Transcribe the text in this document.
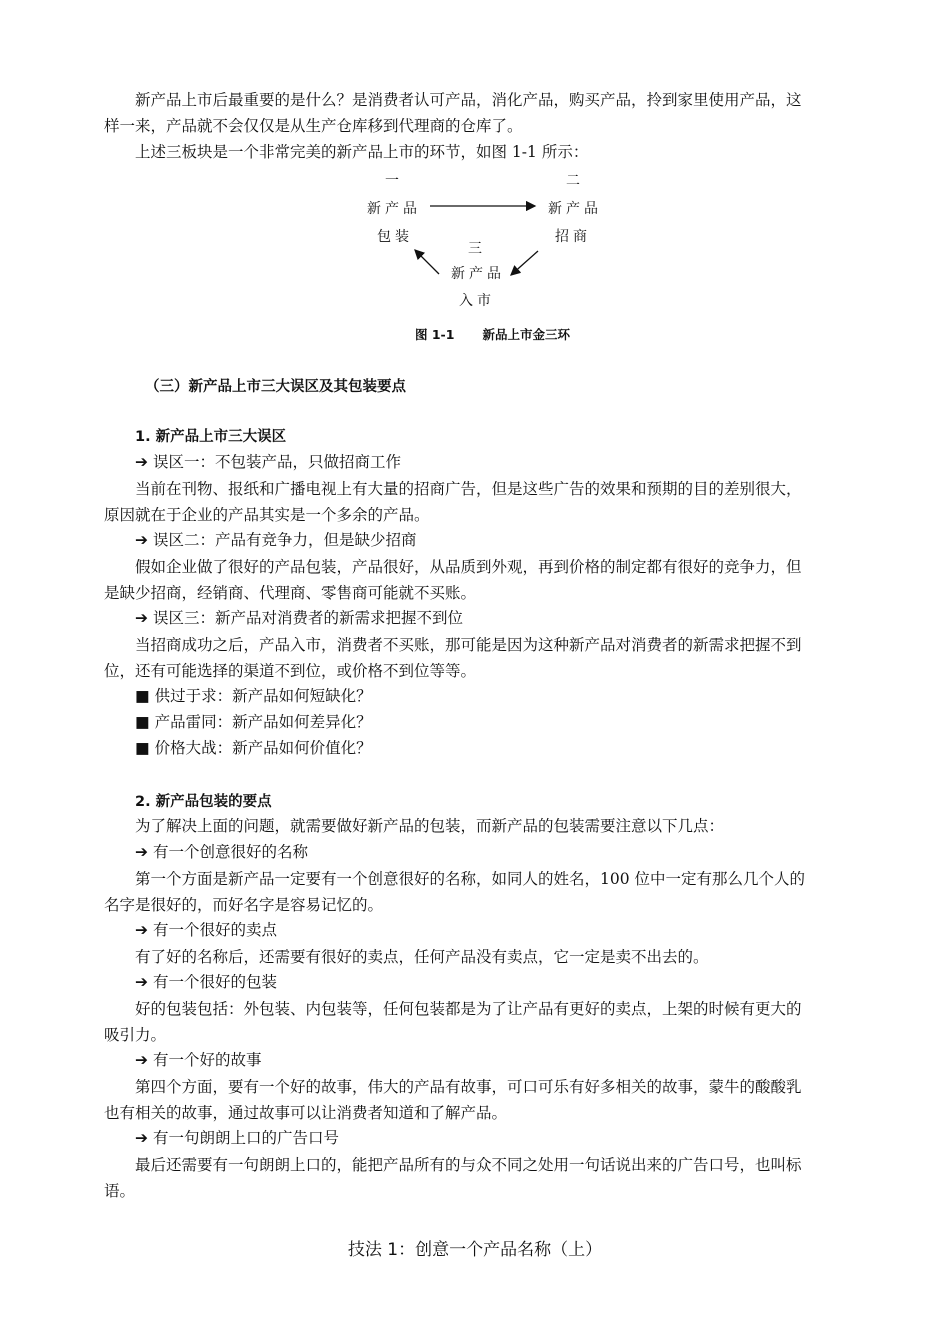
新产品上市后最重要的是什么？是消费者认可产品，消化产品，购买产品，拎到家里使用产品，这
样一来，产品就不会仅仅是从生产仓库移到代理商的仓库了。
上述三板块是一个非常完美的新产品上市的环节，如图 1-1 所示：
一
新产品
包装
二
新产品
招商
三
新产品
入市
图 1-1 新品上市金三环
（三）新产品上市三大误区及其包装要点
1. 新产品上市三大误区
➔ 误区一：不包装产品，只做招商工作
当前在刊物、报纸和广播电视上有大量的招商广告，但是这些广告的效果和预期的目的差别很大，
原因就在于企业的产品其实是一个多余的产品。
➔ 误区二：产品有竞争力，但是缺少招商
假如企业做了很好的产品包装，产品很好，从品质到外观，再到价格的制定都有很好的竞争力，但
是缺少招商，经销商、代理商、零售商可能就不买账。
➔ 误区三：新产品对消费者的新需求把握不到位
当招商成功之后，产品入市，消费者不买账，那可能是因为这种新产品对消费者的新需求把握不到
位，还有可能选择的渠道不到位，或价格不到位等等。
■ 供过于求：新产品如何短缺化？
■ 产品雷同：新产品如何差异化？
■ 价格大战：新产品如何价值化？
2. 新产品包装的要点
为了解决上面的问题，就需要做好新产品的包装，而新产品的包装需要注意以下几点：
➔ 有一个创意很好的名称
第一个方面是新产品一定要有一个创意很好的名称，如同人的姓名，100 位中一定有那么几个人的
名字是很好的，而好名字是容易记忆的。
➔ 有一个很好的卖点
有了好的名称后，还需要有很好的卖点，任何产品没有卖点，它一定是卖不出去的。
➔ 有一个很好的包装
好的包装包括：外包装、内包装等，任何包装都是为了让产品有更好的卖点，上架的时候有更大的
吸引力。
➔ 有一个好的故事
第四个方面，要有一个好的故事，伟大的产品有故事，可口可乐有好多相关的故事，蒙牛的酸酸乳
也有相关的故事，通过故事可以让消费者知道和了解产品。
➔ 有一句朗朗上口的广告口号
最后还需要有一句朗朗上口的，能把产品所有的与众不同之处用一句话说出来的广告口号，也叫标
语。
技法 1：创意一个产品名称（上）
